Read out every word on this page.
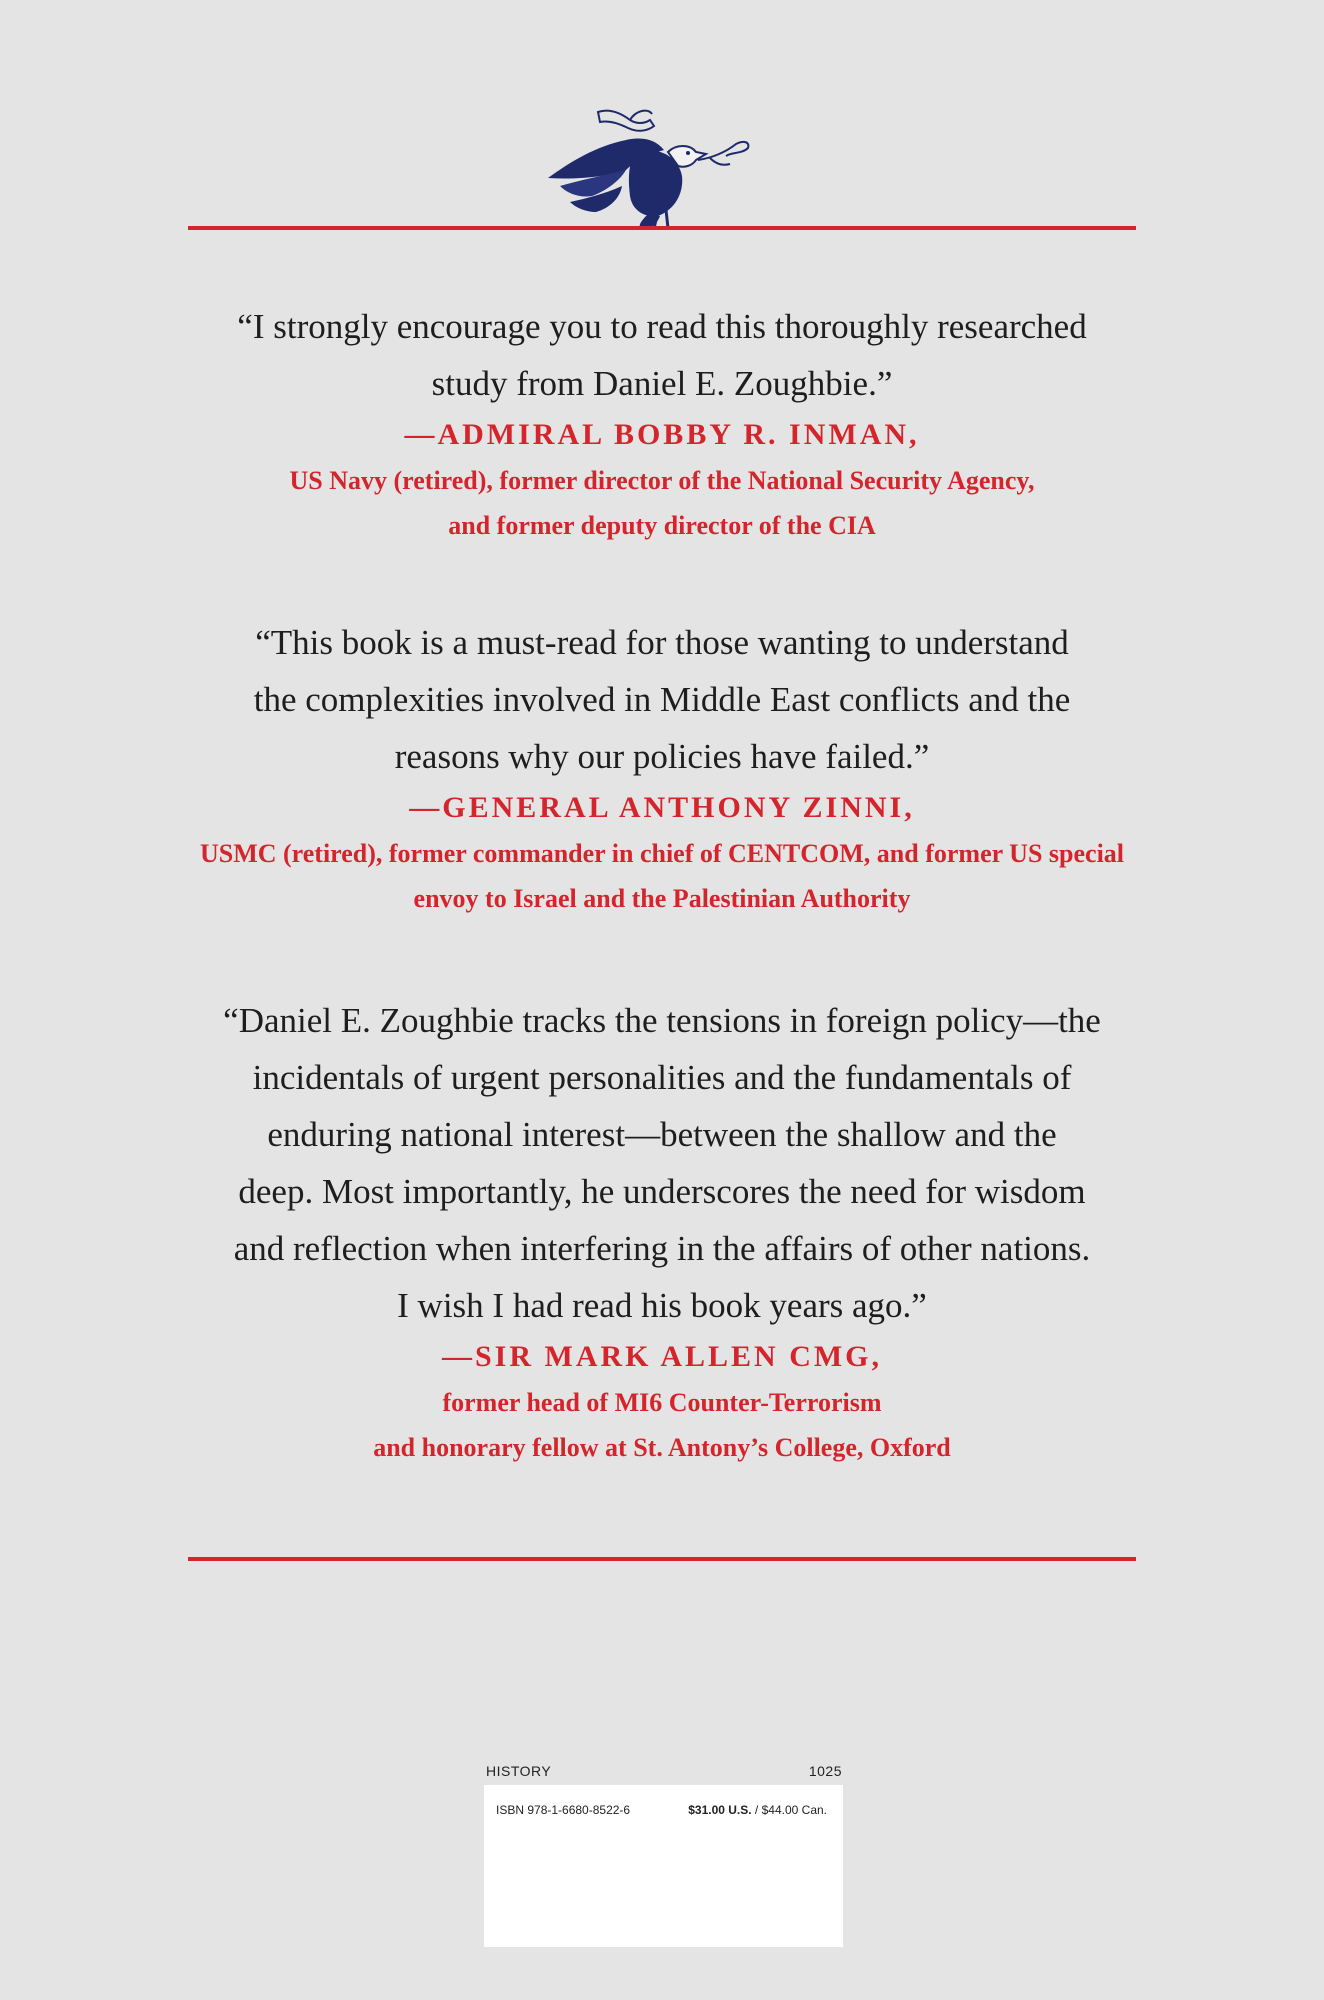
“I strongly encourage you to read this thoroughly researched
study from Daniel E. Zoughbie.”
—ADMIRAL BOBBY R. INMAN,
US Navy (retired), former director of the National Security Agency,
and former deputy director of the CIA
“This book is a must-read for those wanting to understand
the complexities involved in Middle East conflicts and the
reasons why our policies have failed.”
—GENERAL ANTHONY ZINNI,
USMC (retired), former commander in chief of CENTCOM, and former US special
envoy to Israel and the Palestinian Authority
“Daniel E. Zoughbie tracks the tensions in foreign policy—the
incidentals of urgent personalities and the fundamentals of
enduring national interest—between the shallow and the
deep. Most importantly, he underscores the need for wisdom
and reflection when interfering in the affairs of other nations.
I wish I had read his book years ago.”
—SIR MARK ALLEN CMG,
former head of MI6 Counter-Terrorism
and honorary fellow at St. Antony’s College, Oxford
HISTORY	1025
ISBN 978-1-6680-8522-6	$31.00 U.S. / $44.00 Can.
